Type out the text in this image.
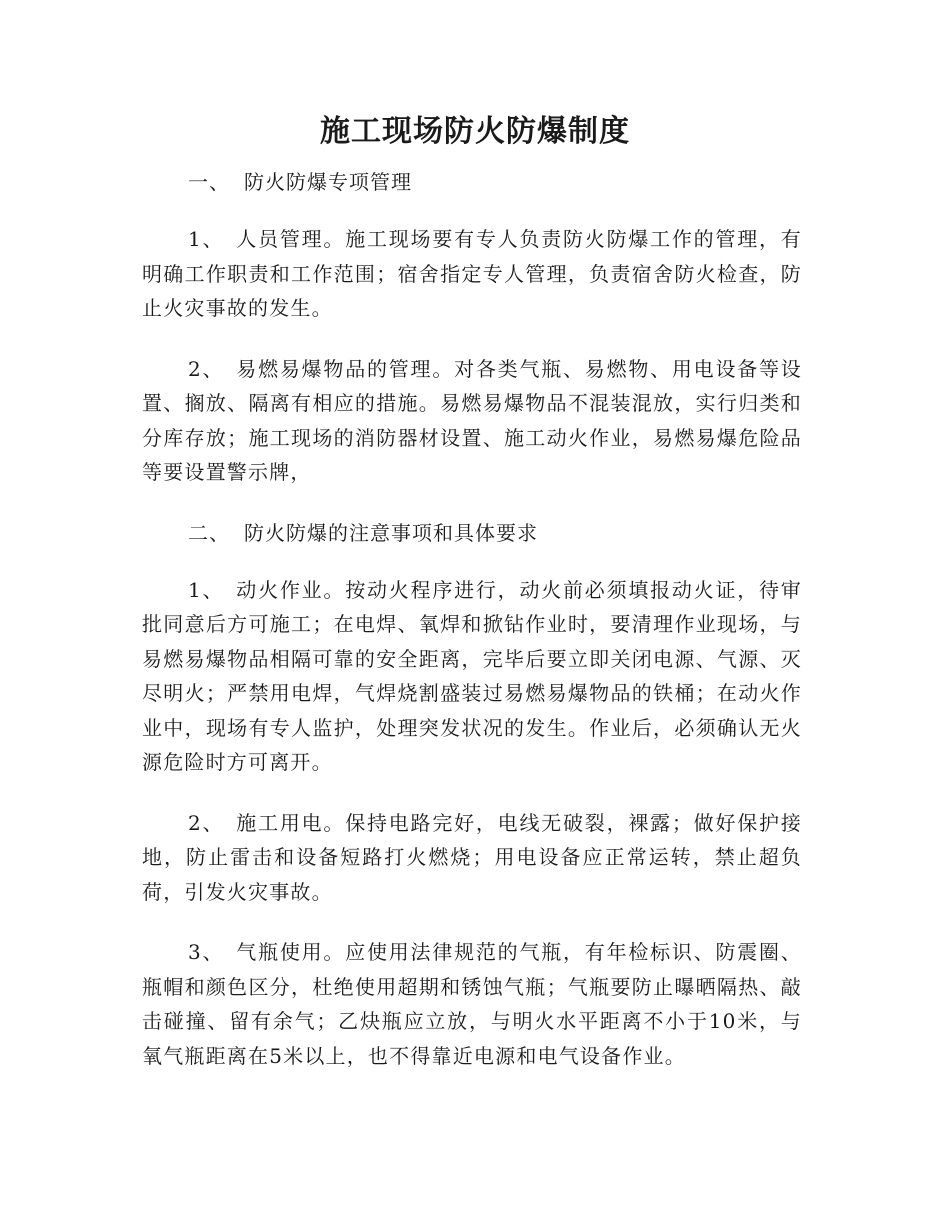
施工现场防火防爆制度

一、 防火防爆专项管理

1、 人员管理。施工现场要有专人负责防火防爆工作的管理，有明确工作职责和工作范围；宿舍指定专人管理，负责宿舍防火检查，防止火灾事故的发生。

2、 易燃易爆物品的管理。对各类气瓶、易燃物、用电设备等设置、搁放、隔离有相应的措施。易燃易爆物品不混装混放，实行归类和分库存放；施工现场的消防器材设置、施工动火作业，易燃易爆危险品等要设置警示牌，

二、 防火防爆的注意事项和具体要求

1、 动火作业。按动火程序进行，动火前必须填报动火证，待审批同意后方可施工；在电焊、氧焊和掀钻作业时，要清理作业现场，与易燃易爆物品相隔可靠的安全距离，完毕后要立即关闭电源、气源、灭尽明火；严禁用电焊，气焊烧割盛装过易燃易爆物品的铁桶；在动火作业中，现场有专人监护，处理突发状况的发生。作业后，必须确认无火源危险时方可离开。

2、 施工用电。保持电路完好，电线无破裂，裸露；做好保护接地，防止雷击和设备短路打火燃烧；用电设备应正常运转，禁止超负荷，引发火灾事故。

3、 气瓶使用。应使用法律规范的气瓶，有年检标识、防震圈、瓶帽和颜色区分，杜绝使用超期和锈蚀气瓶；气瓶要防止曝晒隔热、敲击碰撞、留有余气；乙炔瓶应立放，与明火水平距离不小于10米，与氧气瓶距离在5米以上，也不得靠近电源和电气设备作业。
